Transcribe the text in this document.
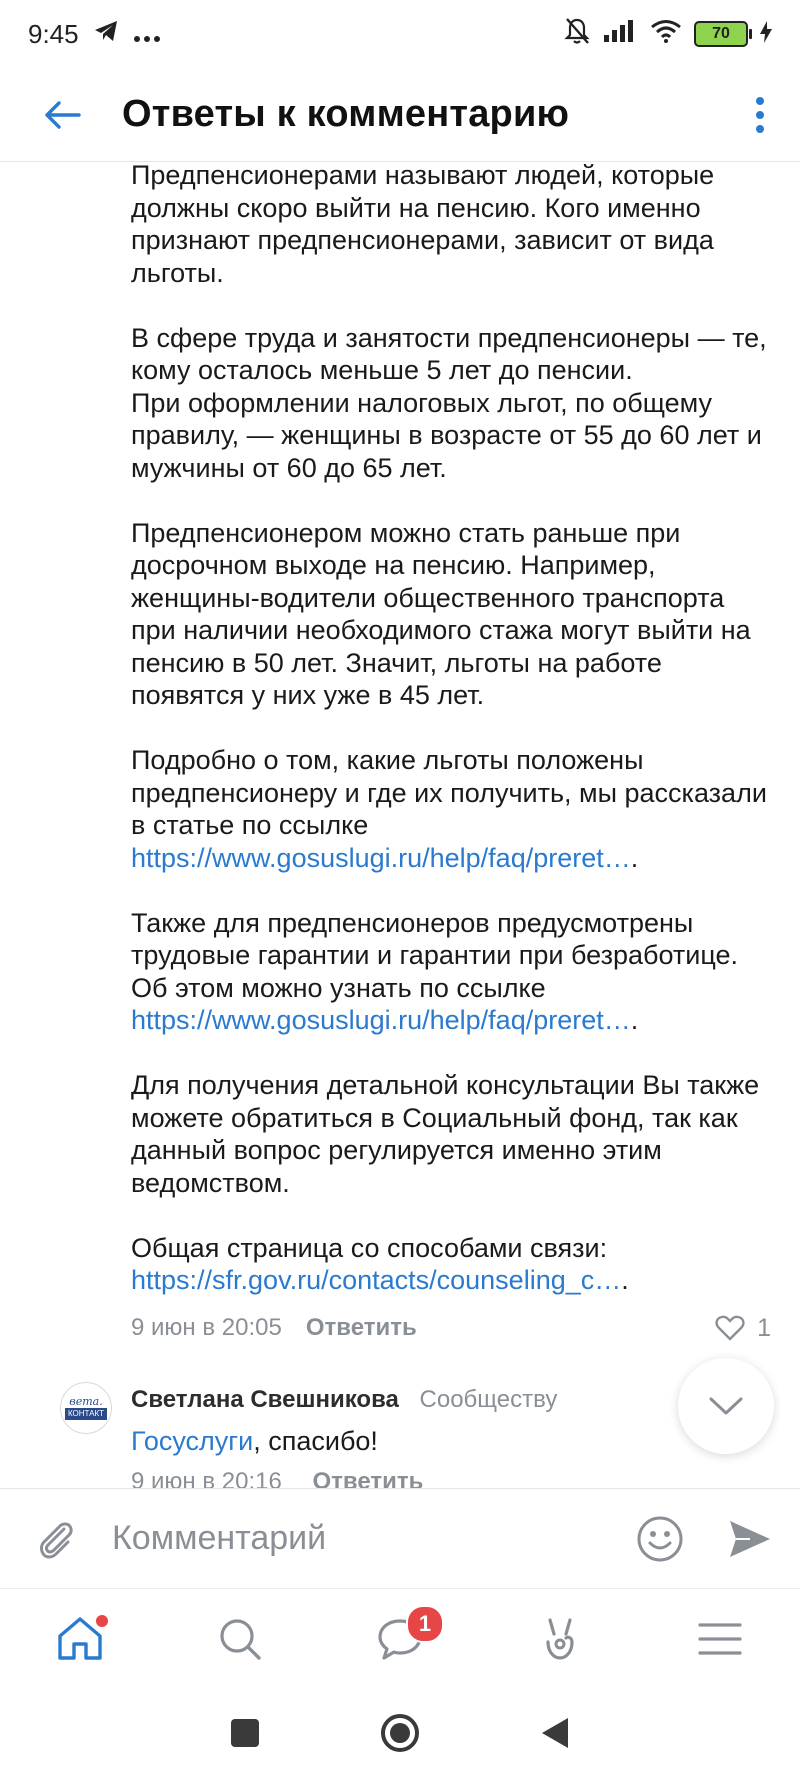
9:45	70
Ответы к комментарию

Предпенсионерами называют людей, которые должны скоро выйти на пенсию. Кого именно признают предпенсионерами, зависит от вида льготы.

В сфере труда и занятости предпенсионеры — те, кому осталось меньше 5 лет до пенсии.
При оформлении налоговых льгот, по общему правилу, — женщины в возрасте от 55 до 60 лет и мужчины от 60 до 65 лет.

Предпенсионером можно стать раньше при досрочном выходе на пенсию. Например, женщины-водители общественного транспорта при наличии необходимого стажа могут выйти на пенсию в 50 лет. Значит, льготы на работе появятся у них уже в 45 лет.

Подробно о том, какие льготы положены предпенсионеру и где их получить, мы рассказали в статье по ссылке https://www.gosuslugi.ru/help/faq/preret….

Также для предпенсионеров предусмотрены трудовые гарантии и гарантии при безработице. Об этом можно узнать по ссылке https://www.gosuslugi.ru/help/faq/preret….

Для получения детальной консультации Вы также можете обратиться в Социальный фонд, так как данный вопрос регулируется именно этим ведомством.

Общая страница со способами связи:
https://sfr.gov.ru/contacts/counseling_c….

9 июн в 20:05 Ответить	1
вета.
КОНТАКТ
Светлана Свешникова Сообществу
Госуслуги, спасибо!
9 июн в 20:16 Ответить
Комментарий
1
